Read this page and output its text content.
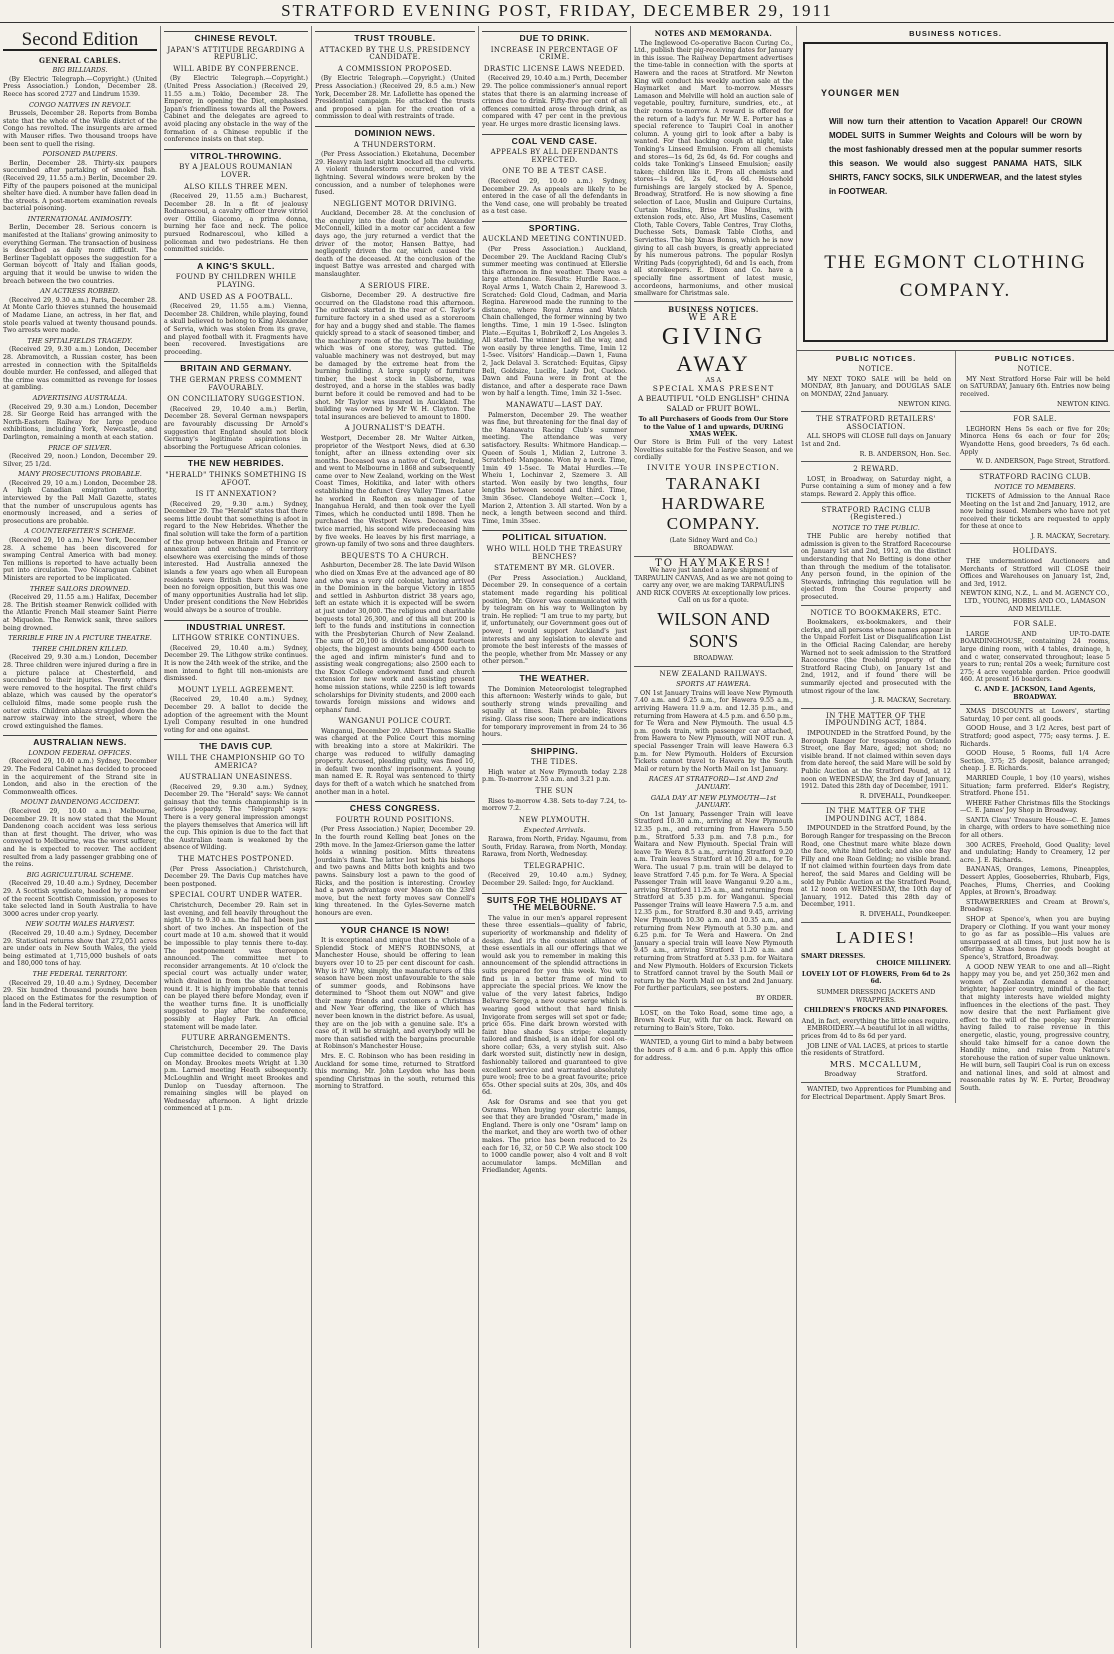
STRATFORD EVENING POST, FRIDAY, DECEMBER 29, 1911
Second Edition
GENERAL CABLES.
BIG BILLIARDS.

(By Electric Telegraph.—Copyright.) (United Press Association.) London, December 28. Reece has scored 2727 and Lindrum 1539.

CONGO NATIVES IN REVOLT.

Brussels, December 28. Reports from Bomba state that the whole of the Welle district of the Congo has revolted. The insurgents are armed with Mauser rifles. Two thousand troops have been sent to quell the rising.

POISONED PAUPERS.

Berlin, December 28. Thirty-six paupers succumbed after partaking of smoked fish. (Received 29, 11.55 a.m.) Berlin, December 29. Fifty of the paupers poisoned at the municipal shelter have died. A number have fallen dead in the streets. A post-mortem examination reveals bacterial poisoning.

INTERNATIONAL ANIMOSITY.

Berlin, December 28. Serious concern is manifested at the Italians' growing animosity to everything German. The transaction of business is described as daily more difficult. The Berliner Tageblatt opposes the suggestion for a German boycott of Italy and Italian goods, arguing that it would be unwise to widen the breach between the two countries.

AN ACTRESS ROBBED.

(Received 29, 9.30 a.m.) Paris, December 28. At Monte Carlo thieves stunned the housemaid of Madame Liane, an actress, in her flat, and stole pearls valued at twenty thousand pounds. Two arrests were made.

THE SPITALFIELDS TRAGEDY.

(Received 29, 9.30 a.m.) London, December 28. Abramovitch, a Russian coster, has been arrested in connection with the Spitalfields double murder. He confessed, and alleged that the crime was committed as revenge for losses at gambling.

ADVERTISING AUSTRALIA.

(Received 29, 9.30 a.m.) London, December 28. Sir George Reid has arranged with the North-Eastern Railway for large produce exhibitions, including York, Newcastle, and Darlington, remaining a month at each station.

PRICE OF SILVER.

(Received 29, noon.) London, December 29. Silver, 25 1/2d.

MANY PROSECUTIONS PROBABLE.

(Received 29, 10 a.m.) London, December 28. A high Canadian emigration authority, interviewed by the Pall Mall Gazette, states that the number of unscrupulous agents has enormously increased, and a series of prosecutions are probable.

A COUNTERFEITER'S SCHEME.

(Received 29, 10 a.m.) New York, December 28. A scheme has been discovered for swamping Central America with bad money. Ten millions is reported to have actually been put into circulation. Two Nicaraguan Cabinet Ministers are reported to be implicated.

THREE SAILORS DROWNED.

(Received 29, 11.55 a.m.) Halifax, December 28. The British steamer Renwick collided with the Atlantic French Mail steamer Saint Pierre at Miquelon. The Renwick sank, three sailors being drowned.

TERRIBLE FIRE IN A PICTURE THEATRE.
THREE CHILDREN KILLED.

(Received 29, 9.30 a.m.) London, December 28. Three children were injured during a fire in a picture palace at Chesterfield, and succumbed to their injuries. Twenty others were removed to the hospital. The first child's ablaze, which was caused by the operator's celluloid films, made some people rush the outer exits. Children ablaze struggled down the narrow stairway into the street, where the crowd extinguished the flames.

AUSTRALIAN NEWS.
LONDON FEDERAL OFFICES.

(Received 29, 10.40 a.m.) Sydney, December 29. The Federal Cabinet has decided to proceed in the acquirement of the Strand site in London, and also in the erection of the Commonwealth offices.

MOUNT DANDENONG ACCIDENT.

(Received 29, 10.40 a.m.) Melbourne, December 29. It is now stated that the Mount Dandenong coach accident was less serious than at first thought. The driver, who was conveyed to Melbourne, was the worst sufferer, and he is expected to recover. The accident resulted from a lady passenger grabbing one of the reins.

BIG AGRICULTURAL SCHEME.

(Received 29, 10.40 a.m.) Sydney, December 29. A Scottish syndicate, headed by a member of the recent Scottish Commission, proposes to take selected land in South Australia to have 3000 acres under crop yearly.

NEW SOUTH WALES HARVEST.

(Received 29, 10.40 a.m.) Sydney, December 29. Statistical returns show that 272,051 acres are under oats in New South Wales, the yield being estimated at 1,715,000 bushels of oats and 180,000 tons of hay.

THE FEDERAL TERRITORY.

(Received 29, 10.40 a.m.) Sydney, December 29. Six hundred thousand pounds have been placed on the Estimates for the resumption of land in the Federal territory.

CHINESE REVOLT.
JAPAN'S ATTITUDE REGARDING A REPUBLIC.
WILL ABIDE BY CONFERENCE.

(By Electric Telegraph.—Copyright.) (United Press Association.) (Received 29, 11.55 a.m.) Tokio, December 28. The Emperor, in opening the Diet, emphasised Japan's friendliness towards all the Powers. Cabinet and the delegates are agreed to avoid placing any obstacle in the way of the formation of a Chinese republic if the conference insists on that step.

VITROL-THROWING.
BY A JEALOUS ROUMANIAN LOVER.
ALSO KILLS THREE MEN.

(Received 29, 11.55 a.m.) Bucharest, December 28. In a fit of jealousy Rodnarescoul, a cavalry officer threw vitriol over Ottilia Giacomo, a prima donna, burning her face and neck. The police pursued Rodnarescoul, who killed a policeman and two pedestrians. He then committed suicide.

A KING'S SKULL.
FOUND BY CHILDREN WHILE PLAYING.
AND USED AS A FOOTBALL.

(Received 29, 11.55 a.m.) Vienna, December 28. Children, while playing, found a skull believed to belong to King Alexander of Servia, which was stolen from its grave, and played football with it. Fragments have been recovered. Investigations are proceeding.

BRITAIN AND GERMANY.
THE GERMAN PRESS COMMENT FAVOURABLY.
ON CONCILIATORY SUGGESTION.

(Received 29, 10.40 a.m.) Berlin, December 28. Several German newspapers are favourably discussing Dr Arnold's suggestion that England should not block Germany's legitimate aspirations in absorbing the Portuguese African colonies.

THE NEW HEBRIDES.
"HERALD" THINKS SOMETHING IS AFOOT.
IS IT ANNEXATION?

(Received 29, 9.30 a.m.) Sydney, December 29. The "Herald" states that there seems little doubt that something is afoot in regard to the New Hebrides. Whether the final solution will take the form of a partition of the group between Britain and France or annexation and exchange of territory elsewhere was exercising the minds of those interested. Had Australia annexed the islands a few years ago when all European residents were British there would have been no foreign opposition, but this was one of many opportunities Australia had let slip. Under present conditions the New Hebrides would always be a source of trouble.

INDUSTRIAL UNREST.
LITHGOW STRIKE CONTINUES.

(Received 29, 10.40 a.m.) Sydney, December 29. The Lithgow strike continues. It is now the 24th week of the strike, and the men intend to fight till non-unionists are dismissed.

MOUNT LYELL AGREEMENT.

(Received 29, 10.40 a.m.) Sydney, December 29. A ballot to decide the adoption of the agreement with the Mount Lyell Company resulted in one hundred voting for and one against.

THE DAVIS CUP.
WILL THE CHAMPIONSHIP GO TO AMERICA?
AUSTRALIAN UNEASINESS.

(Received 29, 9.30 a.m.) Sydney, December 29. The "Herald" says: We cannot gainsay that the tennis championship is in serious jeopardy. The "Telegraph" says: There is a very general impression amongst the players themselves that America will lift the cup. This opinion is due to the fact that the Australian team is weakened by the absence of Wilding.

THE MATCHES POSTPONED.

(Per Press Association.) Christchurch, December 29. The Davis Cup matches have been postponed.

SPECIAL COURT UNDER WATER.

Christchurch, December 29. Rain set in last evening, and fell heavily throughout the night. Up to 9.30 a.m. the fall had been just short of two inches. An inspection of the court made at 10 a.m. showed that it would be impossible to play tennis there to-day. The postponement was thereupon announced. The committee met to reconsider arrangements. At 10 o'clock the special court was actually under water, which drained in from the stands erected round it. It is highly improbable that tennis can be played there before Monday, even if the weather turns fine. It is unofficially suggested to play after the conference, possibly at Hagley Park. An official statement will be made later.

FUTURE ARRANGEMENTS.

Christchurch, December 29. The Davis Cup committee decided to commence play on Monday. Brookes meets Wright at 1.30 p.m. Larned meeting Heath subsequently. McLoughlin and Wright meet Brookes and Dunlop on Tuesday afternoon. The remaining singles will be played on Wednesday afternoon. A light drizzle commenced at 1 p.m.

TRUST TROUBLE.
ATTACKED BY THE U.S. PRESIDENCY CANDIDATE.
A COMMISSION PROPOSED.

(By Electric Telegraph.—Copyright.) (United Press Association.) (Received 29, 8.5 a.m.) New York, December 28. Mr. Lafollette has opened the Presidential campaign. He attacked the trusts and proposed a plan for the creation of a commission to deal with restraints of trade.

DOMINION NEWS.
A THUNDERSTORM.

(Per Press Association.) Eketahuna, December 29. Heavy rain last night knocked all the culverts. A violent thunderstorm occurred, and vivid lightning. Several windows were broken by the concussion, and a number of telephones were fused.

NEGLIGENT MOTOR DRIVING.

Auckland, December 28. At the conclusion of the enquiry into the death of John Alexander McConnell, killed in a motor car accident a few days ago, the jury returned a verdict that the driver of the motor, Hansen Battye, had negligently driven the car, which caused the death of the deceased. At the conclusion of the inquest Battye was arrested and charged with manslaughter.

A SERIOUS FIRE.

Gisborne, December 29. A destructive fire occurred on the Gladstone road this afternoon. The outbreak started in the rear of C. Taylor's furniture factory in a shed used as a storeroom for hay and a buggy shed and stable. The flames quickly spread to a stack of seasoned timber, and the machinery room of the factory. The building, which was of one storey, was gutted. The valuable machinery was not destroyed, but may be damaged by the extreme heat from the burning building. A large supply of furniture timber, the best stock in Gisborne, was destroyed, and a horse in the stables was badly burnt before it could be removed and had to be shot. Mr Taylor was insured in Auckland. The building was owned by Mr W. H. Clayton. The total insurances are believed to amount to 1800.

A JOURNALIST'S DEATH.

Westport, December 28. Mr Walter Aitken, proprietor of the Westport News, died at 6.30 tonight, after an illness extending over six months. Deceased was a native of Cork, Ireland, and went to Melbourne in 1868 and subsequently came over to New Zealand, working on the West Coast Times, Hokitika, and later with others establishing the defunct Grey Valley Times. Later he worked in Reefton as manager of the Inangahua Herald, and then took over the Lyell Times, which he conducted until 1898. Then he purchased the Westport News. Deceased was twice married, his second wife predeceasing him by five weeks. He leaves by his first marriage, a grown-up family of two sons and three daughters.

BEQUESTS TO A CHURCH.

Ashburton, December 28. The late David Wilson who died on Xmas Eve at the advanced age of 80 and who was a very old colonist, having arrived in the Dominion in the barque Victory in 1855 and settled in Ashburton district 38 years ago, left an estate which it is expected will be sworn at just under 30,000. The religious and charitable bequests total 26,300, and of this all but 200 is left to the funds and institutions in connection with the Presbyterian Church of New Zealand. The sum of 20,100 is divided amongst fourteen objects, the biggest amounts being 4500 each to the aged and infirm minister's fund and to assisting weak congregations; also 2500 each to the Knox College endowment fund and church extension for new work and assisting present home mission stations, while 2250 is left towards scholarships for Divinity students, and 2000 each towards foreign missions and widows and orphans' fund.

WANGANUI POLICE COURT.

Wanganui, December 29. Albert Thomas Skallie was charged at the Police Court this morning with breaking into a store at Makirikiri. The charge was reduced to wilfully damaging property. Accused, pleading guilty, was fined 10, in default two months' imprisonment. A young man named E. R. Royal was sentenced to thirty days for theft of a watch which he snatched from another man in a hotel.

CHESS CONGRESS.
FOURTH ROUND POSITIONS.

(Per Press Association.) Napier, December 29. In the fourth round Kelling beat Jones on the 29th move. In the Jamez-Grierson game the latter holds a winning position. Mitts threatens Jourdain's flank. The latter lost both his bishops and two pawns and Mitts both knights and two pawns. Sainsbury lost a pawn to the good of Ricks, and the position is interesting. Crowley had a pawn advantage over Mason on the 23rd move, but the next forty moves saw Connell's king threatened. In the Gyles-Severne match honours are even.

YOUR CHANCE IS NOW!

It is exceptional and unique that the whole of a Splendid Stock of MEN'S ROBINSONS, at Manchester House, should be offering to lean buyers over 10 to 25 per cent discount for cash. Why is it? Why, simply, the manufacturers of this season have been most unfavourable to the sale of summer goods, and Robinsons have determined to "Shoot them out NOW" and give their many friends and customers a Christmas and New Year offering, the like of which has never been known in the district before. As usual, they are on the job with a genuine sale. It's a case of, it will be straight, and everybody will be more than satisfied with the bargains procurable at Robinson's Manchester House.

Mrs. E. C. Robinson who has been residing in Auckland for some time, returned to Stratford this morning. Mr. John Leydon who has been spending Christmas in the south, returned this morning to Stratford.

DUE TO DRINK.
INCREASE IN PERCENTAGE OF CRIME.
DRASTIC LICENSE LAWS NEEDED.

(Received 29, 10.40 a.m.) Perth, December 29. The police commissioner's annual report states that there is an alarming increase of crimes due to drink. Fifty-five per cent of all offences committed arose through drink, as compared with 47 per cent in the previous year. He urges more drastic licensing laws.

COAL VEND CASE.
APPEALS BY ALL DEFENDANTS EXPECTED.
ONE TO BE A TEST CASE.

(Received 29, 10.40 a.m.) Sydney, December 29. As appeals are likely to be entered in the case of all the defendants in the Vend case, one will probably be treated as a test case.

SPORTING.
AUCKLAND MEETING CONTINUED.

(Per Press Association.) Auckland, December 29. The Auckland Racing Club's summer meeting was continued at Ellerslie this afternoon in fine weather. There was a large attendance. Results: Hurdle Race.—Royal Arms 1, Watch Chain 2, Harewood 3. Scratched: Gold Cloud, Cadman, and Maria Regina. Harewood made the running to the distance, where Royal Arms and Watch Chain challenged, the former winning by two lengths. Time, 1 min 19 1-5sec. Islington Plate.—Equitas 1, Bobrikoff 2, Los Angeles 3. All started. The winner led all the way, and won easily by three lengths. Time, 1min 12 1-5sec. Visitors' Handicap.—Dawn 1, Fauna 2, Jack Delaval 3. Scratched: Equitas, Gipsy Bell, Goldsize, Lucille, Lady Dot, Cuckoo. Dawn and Fauna were in front at the distance, and after a desperate race Dawn won by half a length. Time, 1min 32 1-5sec.

MANAWATU—LAST DAY.

Palmerston, December 29. The weather was fine, but threatening for the final day of the Manawatu Racing Club's summer meeting. The attendance was very satisfactory. Results: Whitmore Handicap.—Queen of Souls 1, Midian 2, Lutrone 3. Scratched: Mangaone. Won by a neck. Time, 1min 49 1-5sec. Te Matai Hurdles.—Te Wheiu 1, Lochinvar 2, Szemere 3. All started. Won easily by two lengths, four lengths between second and third. Time, 3min 36sec. Clandeboye Welter.—Cock 1, Marion 2, Attention 3. All started. Won by a neck, a length between second and third. Time, 1min 35sec.

POLITICAL SITUATION.
WHO WILL HOLD THE TREASURY BENCHES?
STATEMENT BY MR. GLOVER.

(Per Press Association.) Auckland, December 29. In consequence of a certain statement made regarding his political position, Mr. Glover was communicated with by telegram on his way to Wellington by train. He replied: "I am true to my party, but if, unfortunately, our Government goes out of power, I would support Auckland's just interests and any legislation to elevate and promote the best interests of the masses of the people, whether from Mr. Massey or any other person."

THE WEATHER.

The Dominion Meteorologist telegraphed this afternoon: Westerly winds to gale, but southerly strong winds prevailing and squally at times. Rain probable; Rivers rising. Glass rise soon; There are indications for temporary improvement in from 24 to 36 hours.

SHIPPING.
THE TIDES.

High water at New Plymouth today 2.28 p.m. To-morrow 2.55 a.m. and 3.21 p.m.

THE SUN

Rises to-morrow 4.38. Sets to-day 7.24, to-morrow 7.2.

NEW PLYMOUTH.
Expected Arrivals.

Rarawa, from North, Friday. Ngaumu, from South, Friday. Rarawa, from North, Monday. Rarawa, from North, Wednesday.

TELEGRAPHIC.

(Received 29, 10.40 a.m.) Sydney, December 29. Sailed: Ingo, for Auckland.

SUITS FOR THE HOLIDAYS AT THE MELBOURNE.

The value in our men's apparel represent these three essentials—quality of fabric, superiority of workmanship and fidelity of design. And it's the consistent alliance of these essentials in all our offerings that we would ask you to remember in making this announcement of the splendid attractions in suits prepared for you this week. You will find us in a better frame of mind to appreciate the special prices. We know the value of the very latest fabrics, Indigo Belvarre Serge, a new course serge which is wearing good without that hard finish. Invigorate from serges will set spot or fade; price 65s. Fine dark brown worsted with faint blue shade Sacs stripe; elegantly tailored and finished, is an ideal for cool on-shore collar; 63s, a very stylish suit. Also dark worsted suit, distinctly new in design, fashionably tailored and guaranteed to give excellent service and warranted absolutely pure wool; free to be a great favourite; price 65s. Other special suits at 20s, 30s, and 40s 6d.

Ask for Osrams and see that you get Osrams. When buying your electric lamps, see that they are branded "Osram," made in England. There is only one "Osram" lamp on the market, and they are worth two of other makes. The price has been reduced to 2s each for 16, 32, or 50 C.P. We also stock 100 to 1000 candle power, also 4 volt and 8 volt accumulator lamps. McMillan and Friedlander, Agents.

NOTES AND MEMORANDA.

The Inglewood Co-operative Bacon Curing Co., Ltd., publish their pig-receiving dates for January in this issue. The Railway Department advertises the time-table in connection with the sports at Hawera and the races at Stratford. Mr Newton King will conduct his weekly auction sale at the Haymarket and Mart to-morrow. Messrs Lamason and Melville will hold an auction sale of vegetable, poultry, furniture, sundries, etc., at their rooms to-morrow. A reward is offered for the return of a lady's fur. Mr W. E. Porter has a special reference to Taupiri Coal in another column. A young girl to look after a baby is wanted. For that hacking cough at night, take Tonking's Linseed Emulsion. From all chemists and stores—1s 6d, 2s 6d, 4s 6d. For coughs and colds take Tonking's Linseed Emulsion; easily taken; children like it. From all chemists and stores—1s 6d, 2s 6d, 4s 6d. Household furnishings are largely stocked by A. Spence, Broadway, Stratford. He is now showing a fine selection of Lace, Muslin and Guipure Curtains, Curtain Muslins, Brise Bise Muslins, with extension rods, etc. Also, Art Muslins, Casement Cloth, Table Covers, Table Centres, Tray Cloths, Duchesse Sets, Damask Table Cloths, and Serviettes. The big Xmas Bonus, which he is now giving to all cash buyers, is greatly appreciated by his numerous patrons. The popular Roslyn Writing Pads (copyrighted), 6d and 1s each, from all storekeepers. E. Dixon and Co. have a specially fine assortment of latest music, accordeons, harmoniums, and other musical smallware for Christmas sale.

BUSINESS NOTICES.
WE ARE
GIVING
AWAY
AS A
SPECIAL XMAS PRESENT
A BEAUTIFUL "OLD ENGLISH" CHINA SALAD or FRUIT BOWL.
To all Purchasers of Goods from Our Store to the Value of 1 and upwards, DURING XMAS WEEK.

Our Store is Brim Full of the very Latest Novelties suitable for the Festive Season, and we cordially

INVITE YOUR INSPECTION.
TARANAKI HARDWARE COMPANY.
(Late Sidney Ward and Co.)
BROADWAY.
TO HAYMAKERS!

We have just landed a large shipment of TARPAULIN CANVAS, And as we are not going to carry any over, we are making TARPAULINS AND RICK COVERS At exceptionally low prices. Call on us for a quote.

WILSON AND SON'S
BROADWAY.
NEW ZEALAND RAILWAYS.
SPORTS AT HAWERA.

ON 1st January Trains will leave New Plymouth 7.40 a.m. and 9.25 a.m., for Hawera 9.55 a.m., arriving Hawera 11.9 a.m. and 12.35 p.m., and returning from Hawera at 4.5 p.m. and 6.50 p.m., for Te Wera and New Plymouth. The usual 4.5 p.m. goods train, with passenger car attached, from Hawera to New Plymouth, will NOT run. A special Passenger Train will leave Hawera 6.3 p.m. for New Plymouth. Holders of Excursion Tickets cannot travel to Hawera by the South Mail or return by the North Mail on 1st January.

RACES AT STRATFORD—1st AND 2nd JANUARY.
GALA DAY AT NEW PLYMOUTH—1st JANUARY.

On 1st January, Passenger Train will leave Stratford 10.30 a.m., arriving at New Plymouth 12.35 p.m., and returning from Hawera 5.50 p.m., Stratford 5.33 p.m. and 7.8 p.m., for Waitara and New Plymouth. Special Train will leave Te Wera 8.5 a.m., arriving Stratford 9.20 a.m. Train leaves Stratford at 10.20 a.m., for Te Wera. The usual 7 p.m. train will be delayed to leave Stratford 7.45 p.m. for Te Wera. A Special Passenger Train will leave Wanganui 9.20 a.m., arriving Stratford 11.25 a.m., and returning from Stratford at 5.35 p.m. for Wanganui. Special Passenger Trains will leave Hawera 7.5 a.m. and 12.35 p.m., for Stratford 8.30 and 9.45, arriving New Plymouth 10.30 a.m. and 10.35 a.m., and returning from New Plymouth at 5.30 p.m. and 6.25 p.m. for Te Wera and Hawera. On 2nd January a special train will leave New Plymouth 9.45 a.m., arriving Stratford 11.20 a.m. and returning from Stratford at 5.33 p.m. for Waitara and New Plymouth. Holders of Excursion Tickets to Stratford cannot travel by the South Mail or return by the North Mail on 1st and 2nd January. For further particulars, see posters.

BY ORDER.

LOST, on the Toko Road, some time ago, a Brown Neck Fur, with fur on back. Reward on returning to Bain's Store, Toko.

WANTED, a young Girl to mind a baby between the hours of 8 a.m. and 6 p.m. Apply this office for address.

BUSINESS NOTICES.
YOUNGER MEN
Will now turn their attention to Vacation Apparel! Our CROWN MODEL SUITS in Summer Weights and Colours will be worn by the most fashionably dressed men at the popular summer resorts this season. We would also suggest PANAMA HATS, SILK SHIRTS, FANCY SOCKS, SILK UNDERWEAR, and the latest styles in FOOTWEAR.
THE EGMONT CLOTHING COMPANY.
PUBLIC NOTICES.
NOTICE.

MY NEXT TOKO SALE will be held on MONDAY, 8th January, and DOUGLAS SALE on MONDAY, 22nd January.

NEWTON KING.
THE STRATFORD RETAILERS' ASSOCIATION.

ALL SHOPS will CLOSE full days on January 1st and 2nd.

R. B. ANDERSON, Hon. Sec.
2 REWARD.

LOST, in Broadway, on Saturday night, a Purse containing a sum of money and a few stamps. Reward 2. Apply this office.

STRATFORD RACING CLUB (Registered.)
NOTICE TO THE PUBLIC.

THE Public are hereby notified that admission is given to the Stratford Racecourse on January 1st and 2nd, 1912, on the distinct understanding that No Betting is done other than through the medium of the totalisator. Any person found, in the opinion of the Stewards, infringing this regulation will be ejected from the Course property and prosecuted.

NOTICE TO BOOKMAKERS, ETC.

Bookmakers, ex-bookmakers, and their clerks, and all persons whose names appear in the Unpaid Forfeit List or Disqualification List in the Official Racing Calendar, are hereby Warned not to seek admission to the Stratford Racecourse (the freehold property of the Stratford Racing Club), on January 1st and 2nd, 1912, and if found there will be summarily ejected and prosecuted with the utmost rigour of the law.

J. R. MACKAY, Secretary.
IN THE MATTER OF THE IMPOUNDING ACT, 1884.

IMPOUNDED in the Stratford Pound, by the Borough Ranger for trespassing on Orlando Street, one Bay Mare, aged; not shod; no visible brand. If not claimed within seven days from date hereof, the said Mare will be sold by Public Auction at the Stratford Pound, at 12 noon on WEDNESDAY, the 3rd day of January, 1912. Dated this 28th day of December, 1911.

R. DIVEHALL, Poundkeeper.
IN THE MATTER OF THE IMPOUNDING ACT, 1884.

IMPOUNDED in the Stratford Pound, by the Borough Ranger for trespassing on the Brecon Road, one Chestnut mare white blaze down the face, white hind fetlock; and also one Bay Filly and one Roan Gelding; no visible brand. If not claimed within fourteen days from date hereof, the said Mares and Gelding will be sold by Public Auction at the Stratford Pound, at 12 noon on WEDNESDAY, the 10th day of January, 1912. Dated this 28th day of December, 1911.

R. DIVEHALL, Poundkeeper.
LADIES!
SMART DRESSES.
CHOICE MILLINERY.
LOVELY LOT OF FLOWERS, From 6d to 2s 6d.
SUMMER DRESSING JACKETS AND WRAPPERS.
CHILDREN'S FROCKS AND PINAFORES.
And, in fact, everything the little ones require.

EMBROIDERY.—A beautiful lot in all widths, prices from 4d to 8s 6d per yard.

JOB LINE of VAL LACES, at prices to startle the residents of Stratford.

MRS. MCCALLUM,
Broadway                    Stratford.

WANTED, two Apprentices for Plumbing and for Electrical Department. Apply Smart Bros.

PUBLIC NOTICES.
NOTICE.

MY Next Stratford Horse Fair will be held on SATURDAY, January 6th. Entries now being received.

NEWTON KING.
FOR SALE.

LEGHORN Hens 5s each or five for 20s; Minorca Hens 6s each or four for 20s; Wyandotte Hens, good breeders, 7s 6d each. Apply

W. D. ANDERSON, Page Street, Stratford.
STRATFORD RACING CLUB.
NOTICE TO MEMBERS.

TICKETS of Admission to the Annual Race Meeting on the 1st and 2nd January, 1912, are now being issued. Members who have not yet received their tickets are requested to apply for these at once to

J. R. MACKAY, Secretary.
HOLIDAYS.

THE undermentioned Auctioneers and Merchants of Stratford will CLOSE their Offices and Warehouses on January 1st, 2nd, and 3rd, 1912.

NEWTON KING, N.Z., L. and M. AGENCY CO., LTD., YOUNG, HOBBS AND CO., LAMASON AND MELVILLE.

FOR SALE.

LARGE AND UP-TO-DATE BOARDINGHOUSE, containing 24 rooms, large dining room, with 4 tables, drainage, h and c water, conservated throughout; lease 5 years to run; rental 20s a week; furniture cost 275; 4 acre vegetable garden. Price goodwill 460. At present 16 boarders.

C. AND E. JACKSON, Land Agents, BROADWAY.

XMAS DISCOUNTS at Lowers', starting Saturday, 10 per cent. all goods.

GOOD House, and 3 1/2 Acres, best part of Stratford; good aspect, 775; easy terms. J. E. Richards.

GOOD House, 5 Rooms, full 1/4 Acre Section, 375; 25 deposit, balance arranged; cheap. J. E. Richards.

MARRIED Couple, 1 boy (10 years), wishes Situation; farm preferred. Elder's Registry, Stratford. Phone 151.

WHERE Father Christmas fills the Stockings—C. E. James' Joy Shop in Broadway.

SANTA Claus' Treasure House—C. E. James in charge, with orders to have something nice for all others.

300 ACRES, Freehold, Good Quality; level and undulating; Handy to Creamery, 12 per acre. J. E. Richards.

BANANAS, Oranges, Lemons, Pineapples, Dessert Apples, Gooseberries, Rhubarb, Figs, Peaches, Plums, Cherries, and Cooking Apples, at Brown's, Broadway.

STRAWBERRIES and Cream at Brown's, Broadway.

SHOP at Spence's, when you are buying Drapery or Clothing. If you want your money to go as far as possible—His values are unsurpassed at all times, but just now he is offering a Xmas bonus for goods bought at Spence's, Stratford, Broadway.

A GOOD NEW YEAR to one and all—Right happy may you be, and yet 250,362 men and women of Zealandia demand a cleaner, brighter, happier country, mindful of the fact that mighty interests have wielded mighty influences in the elections of the past. They now desire that the next Parliament give effect to the will of the people; say Premier having failed to raise revenue in this energetic, elastic, young, progressive country, should take himself for a canoe down the Handily mine, and raise from Nature's storehouse the ration of super value unknown. He will burn, sell Taupiri Coal is run on excess and national lines, and sold at almost and reasonable rates by W. E. Porter, Broadway South.
